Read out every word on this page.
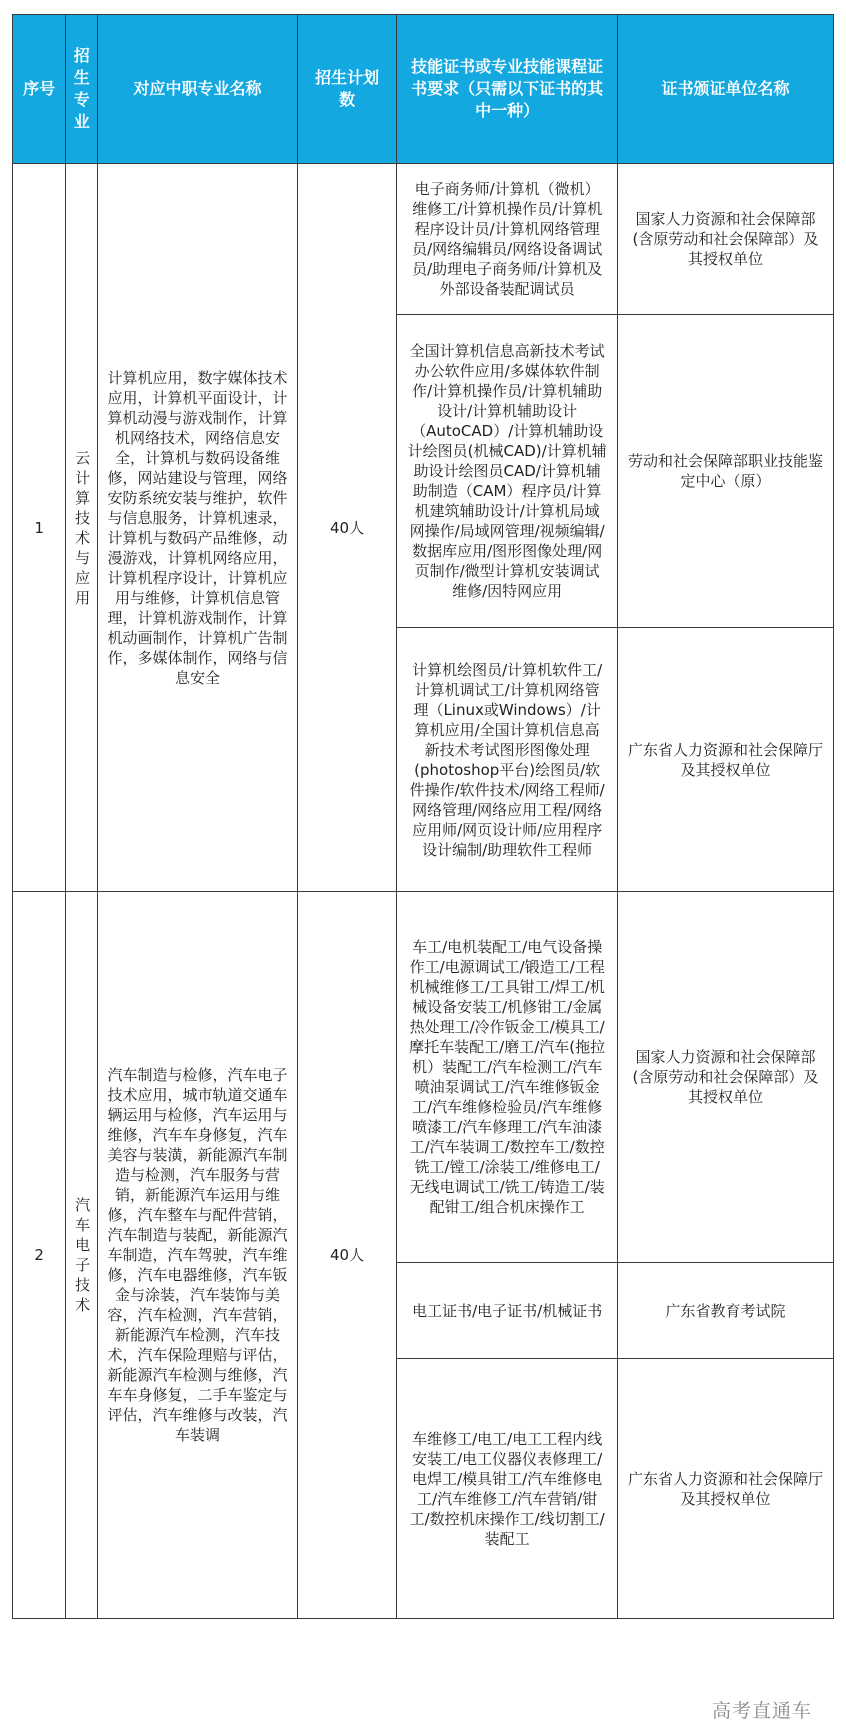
序号	招生专业	对应中职专业名称	招生计划数	技能证书或专业技能课程证书要求（只需以下证书的其中一种）	证书颁证单位名称
1	云计算技术与应用	计算机应用，数字媒体技术应用，计算机平面设计，计算机动漫与游戏制作，计算机网络技术，网络信息安全，计算机与数码设备维修，网站建设与管理，网络安防系统安装与维护，软件与信息服务，计算机速录，计算机与数码产品维修，动漫游戏，计算机网络应用，计算机程序设计，计算机应用与维修，计算机信息管理，计算机游戏制作，计算机动画制作，计算机广告制作，多媒体制作，网络与信息安全	40人	电子商务师/计算机（微机）维修工/计算机操作员/计算机程序设计员/计算机网络管理员/网络编辑员/网络设备调试员/助理电子商务师/计算机及外部设备装配调试员	国家人力资源和社会保障部(含原劳动和社会保障部）及其授权单位
				全国计算机信息高新技术考试 办公软件应用/多媒体软件制作/计算机操作员/计算机辅助设计/计算机辅助设计（AutoCAD）/计算机辅助设计绘图员(机械CAD)/计算机辅助设计绘图员CAD/计算机辅助制造（CAM）程序员/计算机建筑辅助设计/计算机局域网操作/局域网管理/视频编辑/数据库应用/图形图像处理/网页制作/微型计算机安装调试维修/因特网应用	劳动和社会保障部职业技能鉴定中心（原）
				计算机绘图员/计算机软件工/计算机调试工/计算机网络管理（Linux或Windows）/计算机应用/全国计算机信息高新技术考试图形图像处理(photoshop平台)绘图员/软件操作/软件技术/网络工程师/网络管理/网络应用工程/网络应用师/网页设计师/应用程序设计编制/助理软件工程师	广东省人力资源和社会保障厅及其授权单位
2	汽车电子技术	汽车制造与检修，汽车电子技术应用，城市轨道交通车辆运用与检修，汽车运用与维修，汽车车身修复，汽车美容与装潢，新能源汽车制造与检测，汽车服务与营销，新能源汽车运用与维修，汽车整车与配件营销，汽车制造与装配，新能源汽车制造，汽车驾驶，汽车维修，汽车电器维修，汽车钣金与涂装，汽车装饰与美容，汽车检测，汽车营销，新能源汽车检测，汽车技术，汽车保险理赔与评估，新能源汽车检测与维修，汽车车身修复，二手车鉴定与评估，汽车维修与改装，汽车装调	40人	车工/电机装配工/电气设备操作工/电源调试工/锻造工/工程机械维修工/工具钳工/焊工/机械设备安装工/机修钳工/金属热处理工/冷作钣金工/模具工/摩托车装配工/磨工/汽车(拖拉机）装配工/汽车检测工/汽车喷油泵调试工/汽车维修钣金工/汽车维修检验员/汽车维修喷漆工/汽车修理工/汽车油漆工/汽车装调工/数控车工/数控铣工/镗工/涂装工/维修电工/无线电调试工/铣工/铸造工/装配钳工/组合机床操作工	国家人力资源和社会保障部(含原劳动和社会保障部）及其授权单位
				电工证书/电子证书/机械证书	广东省教育考试院
				车维修工/电工/电工工程内线安装工/电工仪器仪表修理工/电焊工/模具钳工/汽车维修电工/汽车维修工/汽车营销/钳工/数控机床操作工/线切割工/装配工	广东省人力资源和社会保障厅及其授权单位
高考直通车
